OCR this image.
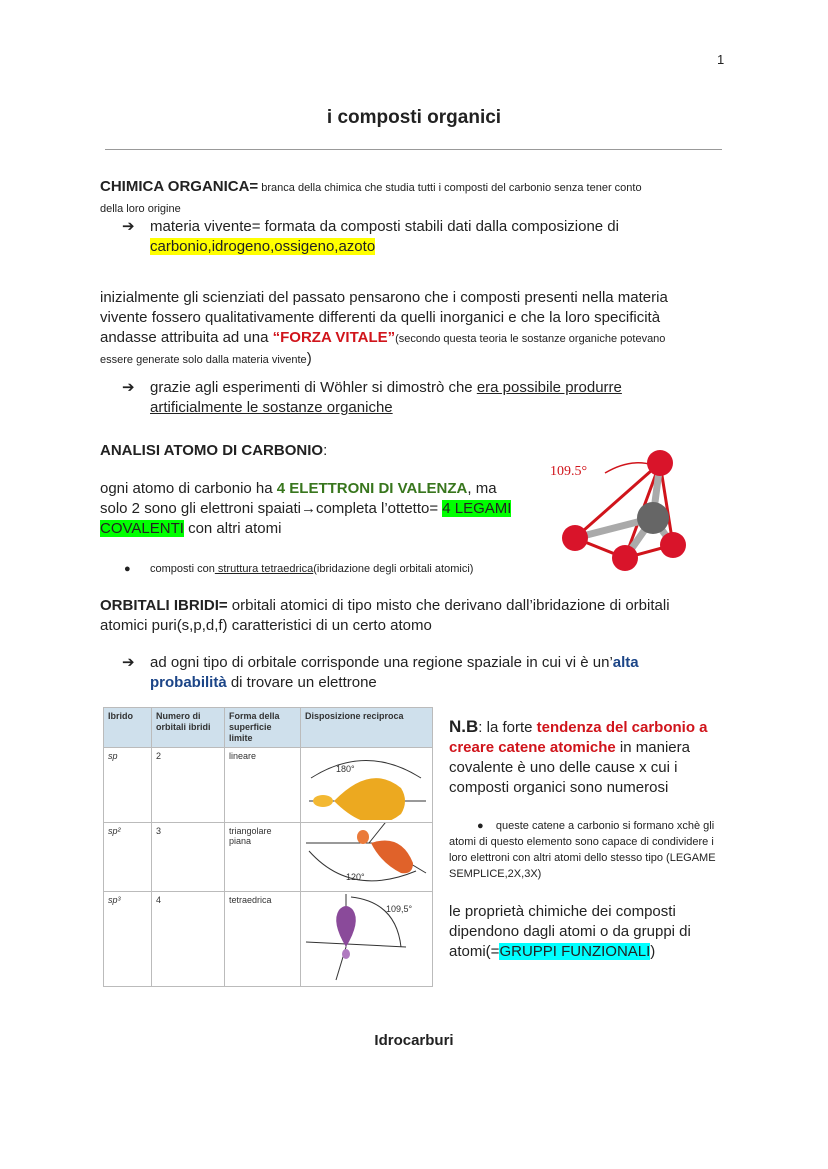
1
i composti organici
CHIMICA ORGANICA= branca della chimica che studia tutti i composti del carbonio senza tener conto
della loro origine
➔ materia vivente= formata da composti stabili dati dalla composizione di
carbonio,idrogeno,ossigeno,azoto
inizialmente gli scienziati del passato pensarono che i composti presenti nella materia
vivente fossero qualitativamente differenti da quelli inorganici e che la loro specificità
andasse attribuita ad una “FORZA VITALE”(secondo questa teoria le sostanze organiche potevano
essere generate solo dalla materia vivente)
➔ grazie agli esperimenti di Wöhler si dimostrò che era possibile produrre
artificialmente le sostanze organiche
ANALISI ATOMO DI CARBONIO:
ogni atomo di carbonio ha 4 ELETTRONI DI VALENZA, ma
solo 2 sono gli elettroni spaiati→completa l’ottetto= 4 LEGAMI
COVALENTI con altri atomi
109.5°
● composti con struttura tetraedrica(ibridazione degli orbitali atomici)
ORBITALI IBRIDI= orbitali atomici di tipo misto che derivano dall’ibridazione di orbitali
atomici puri(s,p,d,f) caratteristici di un certo atomo
➔ ad ogni tipo di orbitale corrisponde una regione spaziale in cui vi è un’alta
probabilità di trovare un elettrone
Ibrido	Numero di orbitali ibridi	Forma della superficie limite	Disposizione reciproca
sp	2	lineare	180°

sp²	3	triangolare piana	120°

sp³	4	tetraedrica	109,5°
N.B: la forte tendenza del carbonio a creare catene atomiche in maniera covalente è uno delle cause x cui i composti organici sono numerosi
● queste catene a carbonio si formano xchè gli atomi di questo elemento sono capace di condividere i loro elettroni con altri atomi dello stesso tipo (LEGAME SEMPLICE,2X,3X)
le proprietà chimiche dei composti dipendono dagli atomi o da gruppi di atomi(=GRUPPI FUNZIONALI)
Idrocarburi
